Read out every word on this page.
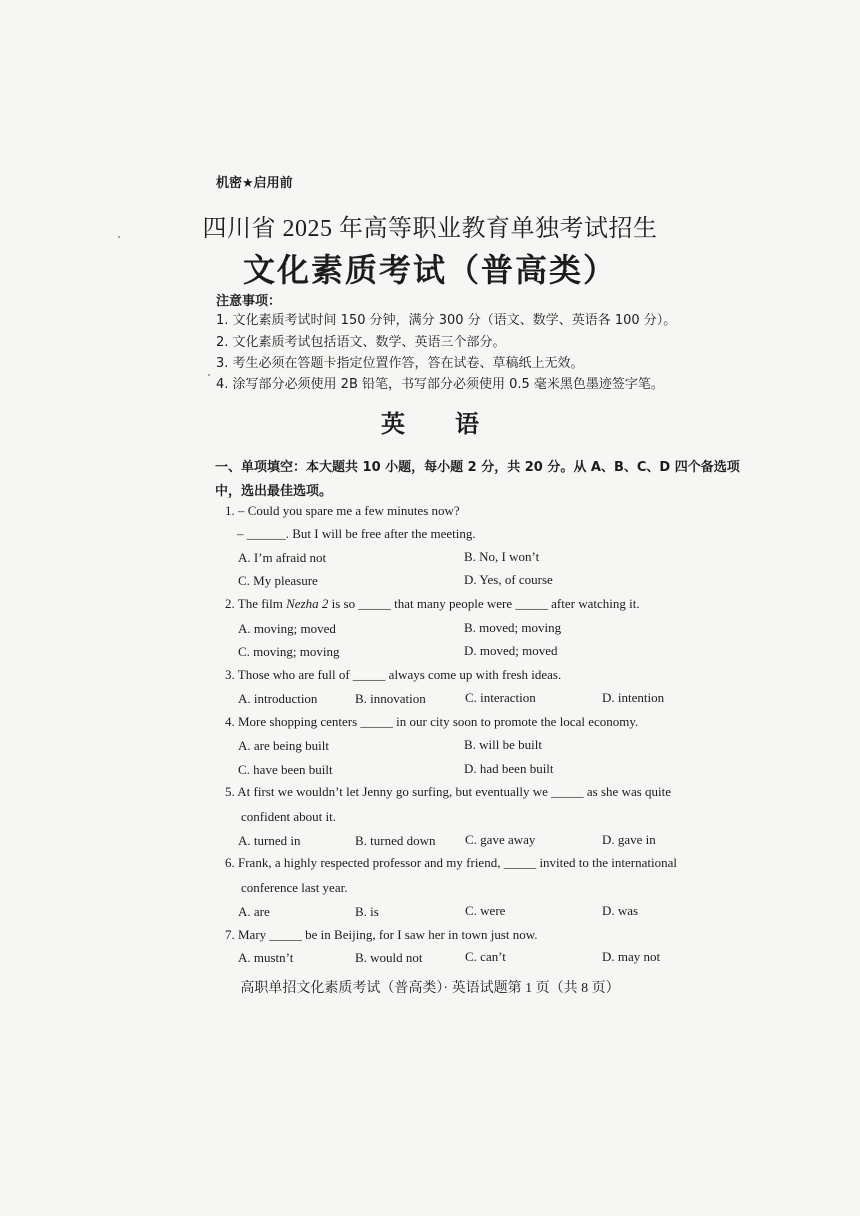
机密★启用前
四川省 2025 年高等职业教育单独考试招生
文化素质考试（普高类）
注意事项：
1. 文化素质考试时间 150 分钟，满分 300 分（语文、数学、英语各 100 分）。
2. 文化素质考试包括语文、数学、英语三个部分。
3. 考生必须在答题卡指定位置作答，答在试卷、草稿纸上无效。
4. 涂写部分必须使用 2B 铅笔，书写部分必须使用 0.5 毫米黑色墨迹签字笔。
英 语
一、单项填空：本大题共 10 小题，每小题 2 分，共 20 分。从 A、B、C、D 四个备选项中，选出最佳选项。
1. – Could you spare me a few minutes now?
– ______. But I will be free after the meeting.
A. I’m afraid not	B. No, I won’t
C. My pleasure	D. Yes, of course
2. The film Nezha 2 is so _____ that many people were _____ after watching it.
A. moving; moved	B. moved; moving
C. moving; moving	D. moved; moved
3. Those who are full of _____ always come up with fresh ideas.
A. introduction	B. innovation	C. interaction	D. intention
4. More shopping centers _____ in our city soon to promote the local economy.
A. are being built	B. will be built
C. have been built	D. had been built
5. At first we wouldn’t let Jenny go surfing, but eventually we _____ as she was quite
confident about it.
A. turned in	B. turned down C. gave away	D. gave in
6. Frank, a highly respected professor and my friend, _____ invited to the international
conference last year.
A. are	B. is	C. were	D. was
7. Mary _____ be in Beijing, for I saw her in town just now.
A. mustn’t	B. would not	C. can’t	D. may not
高职单招文化素质考试（普高类）· 英语试题第 1 页（共 8 页）
